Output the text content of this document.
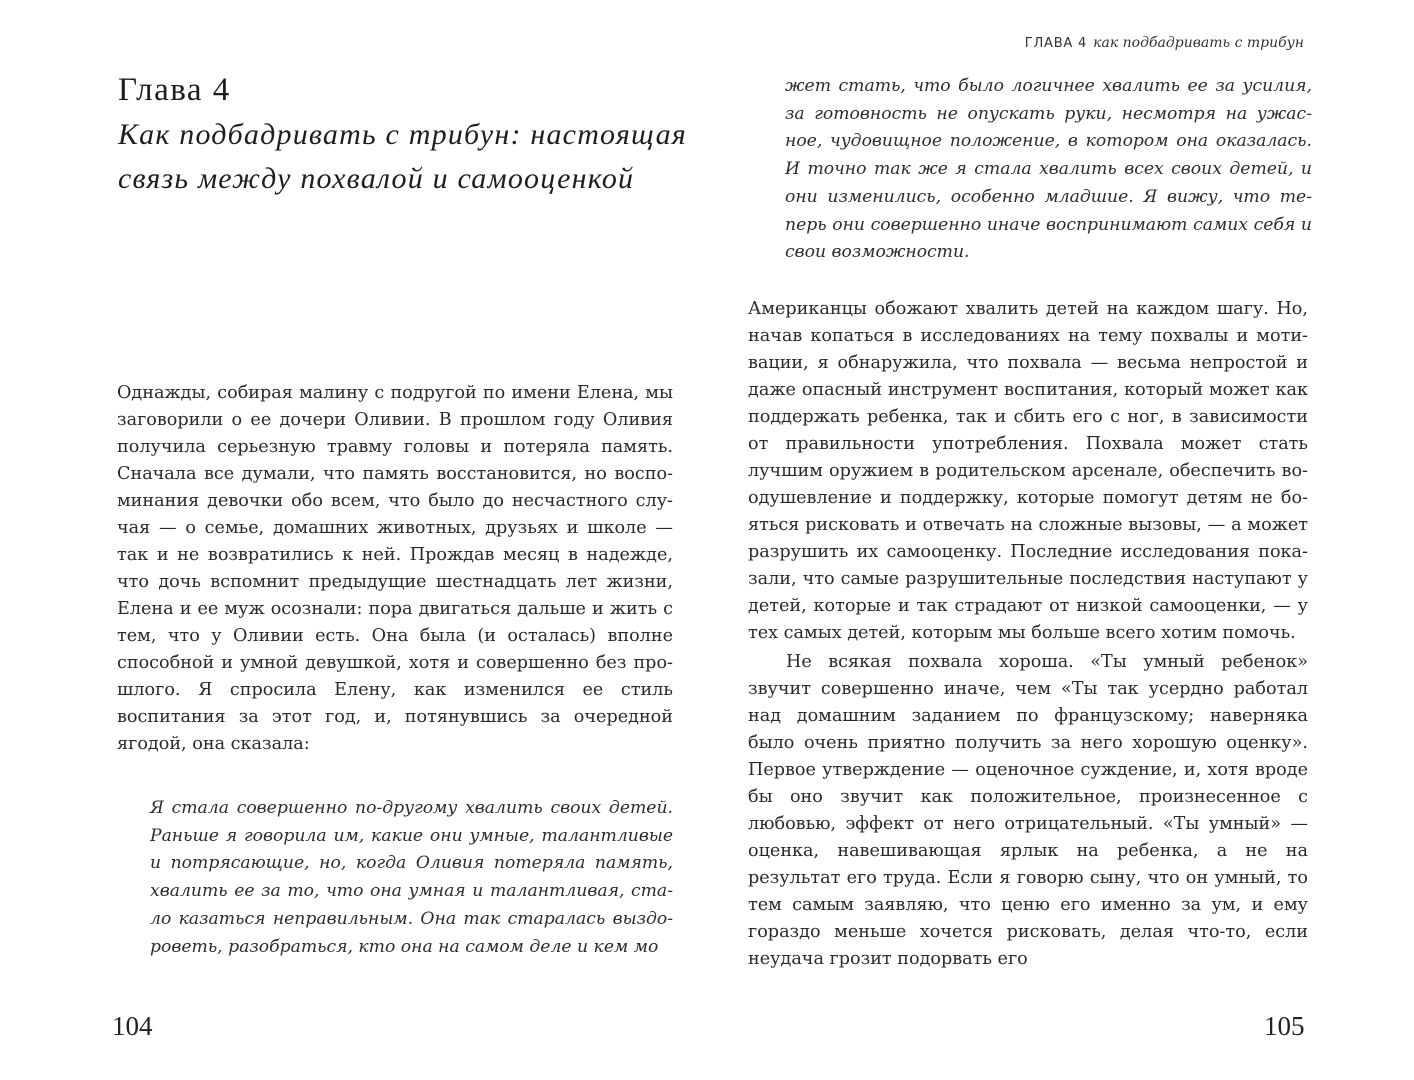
Глава 4
Как подбадривать с трибун: настоящая связь между похвалой и самооценкой

Однажды, собирая малину с подругой по имени Елена, мы заговорили о ее дочери Оливии. В прошлом году Оливия получила серьезную травму головы и потеряла память. Сначала все думали, что память восстановится, но воспоминания девочки обо всем, что было до несчастного случая — о семье, домашних животных, друзьях и школе — так и не возвратились к ней. Прождав месяц в надежде, что дочь вспомнит предыдущие шестнадцать лет жизни, Елена и ее муж осознали: пора двигаться дальше и жить с тем, что у Оливии есть. Она была (и осталась) вполне способной и умной девушкой, хотя и совершенно без прошлого. Я спросила Елену, как изменился ее стиль воспитания за этот год, и, потянувшись за очередной ягодой, она сказала:

Я стала совершенно по-другому хвалить своих детей. Раньше я говорила им, какие они умные, талантливые и потрясающие, но, когда Оливия потеряла память, хвалить ее за то, что она умная и талантливая, стало казаться неправильным. Она так старалась выздороветь, разобраться, кто она на самом деле и кем мо

104

ГЛАВА 4 как подбадривать с трибун

жет стать, что было логичнее хвалить ее за усилия, за готовность не опускать руки, несмотря на ужасное, чудовищное положение, в котором она оказалась. И точно так же я стала хвалить всех своих детей, и они изменились, особенно младшие. Я вижу, что теперь они совершенно иначе воспринимают самих себя и свои возможности.

Американцы обожают хвалить детей на каждом шагу. Но, начав копаться в исследованиях на тему похвалы и мотивации, я обнаружила, что похвала — весьма непростой и даже опасный инструмент воспитания, который может как поддержать ребенка, так и сбить его с ног, в зависимости от правильности употребления. Похвала может стать лучшим оружием в родительском арсенале, обеспечить воодушевление и поддержку, которые помогут детям не бояться рисковать и отвечать на сложные вызовы, — а может разрушить их самооценку. Последние исследования показали, что самые разрушительные последствия наступают у детей, которые и так страдают от низкой самооценки, — у тех самых детей, которым мы больше всего хотим помочь.

Не всякая похвала хороша. «Ты умный ребенок» звучит совершенно иначе, чем «Ты так усердно работал над домашним заданием по французскому; наверняка было очень приятно получить за него хорошую оценку». Первое утверждение — оценочное суждение, и, хотя вроде бы оно звучит как положительное, произнесенное с любовью, эффект от него отрицательный. «Ты умный» — оценка, навешивающая ярлык на ребенка, а не на результат его труда. Если я говорю сыну, что он умный, то тем самым заявляю, что ценю его именно за ум, и ему гораздо меньше хочется рисковать, делая что-то, если неудача грозит подорвать его

105
